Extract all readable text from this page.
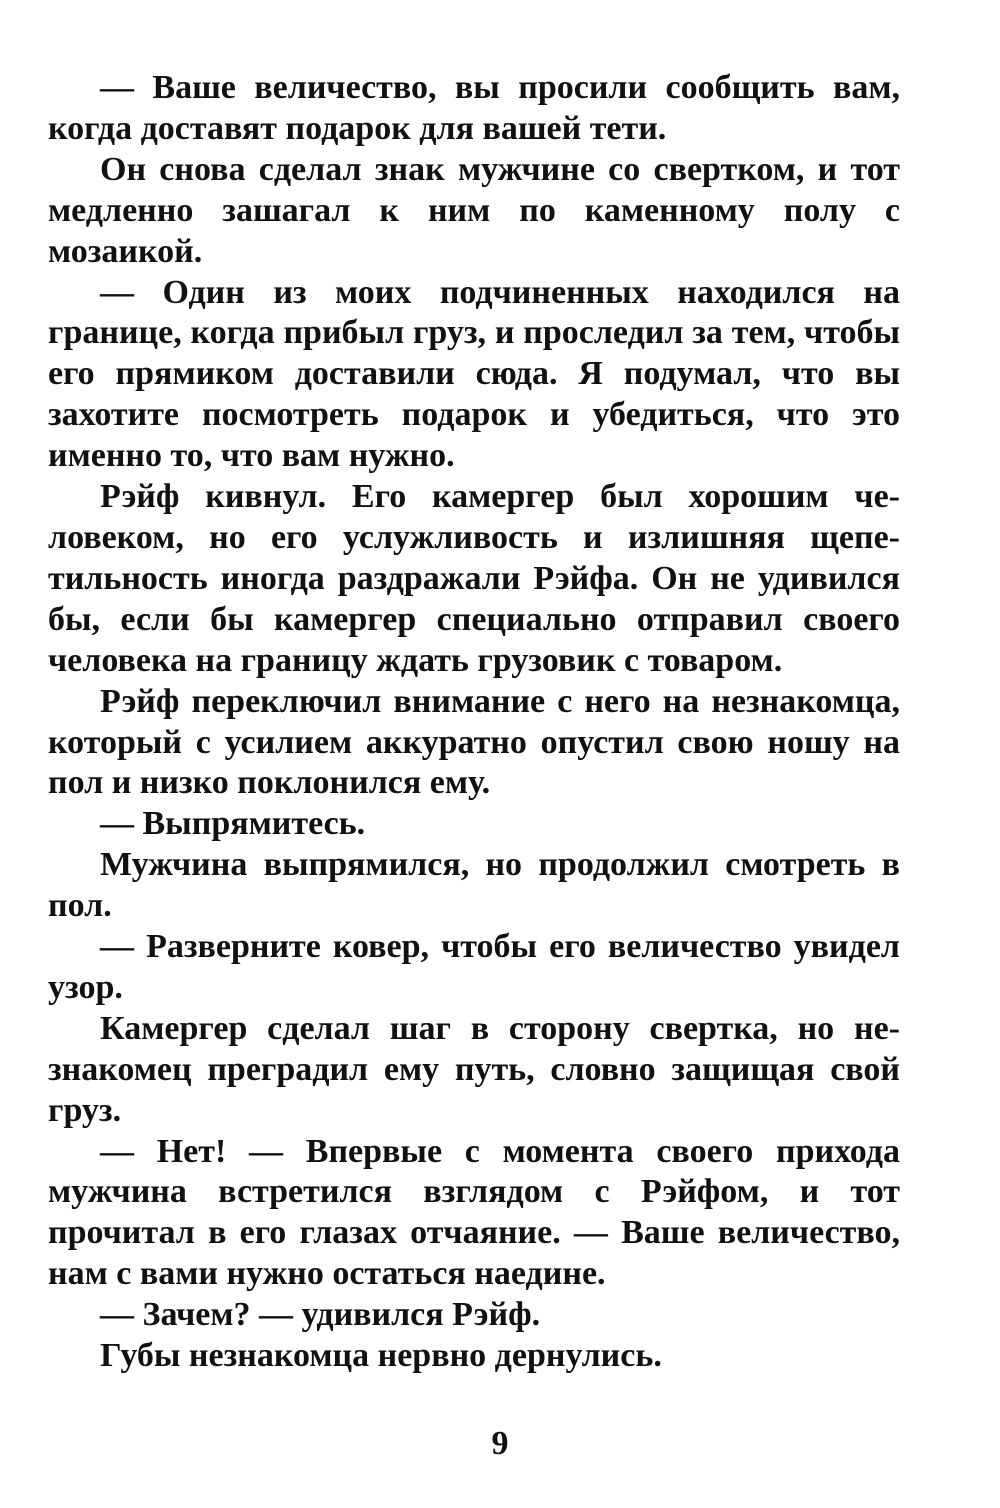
— Ваше величество, вы просили сообщить вам, когда доставят подарок для вашей тети.

Он снова сделал знак мужчине со свертком, и тот медленно зашагал к ним по каменному полу с мозаикой.

— Один из моих подчиненных находился на границе, когда прибыл груз, и проследил за тем, чтобы его прямиком доставили сюда. Я подумал, что вы захотите посмотреть подарок и убедиться, что это именно то, что вам нужно.

Рэйф кивнул. Его камергер был хорошим человеком, но его услужливость и излишняя щепетильность иногда раздражали Рэйфа. Он не удивился бы, если бы камергер специально отправил своего человека на границу ждать грузовик с товаром.

Рэйф переключил внимание с него на незнакомца, который с усилием аккуратно опустил свою ношу на пол и низко поклонился ему.

— Выпрямитесь.

Мужчина выпрямился, но продолжил смотреть в пол.

— Разверните ковер, чтобы его величество увидел узор.

Камергер сделал шаг в сторону свертка, но незнакомец преградил ему путь, словно защищая свой груз.

— Нет! — Впервые с момента своего прихода мужчина встретился взглядом с Рэйфом, и тот прочитал в его глазах отчаяние. — Ваше величество, нам с вами нужно остаться наедине.

— Зачем? — удивился Рэйф.

Губы незнакомца нервно дернулись.

9
